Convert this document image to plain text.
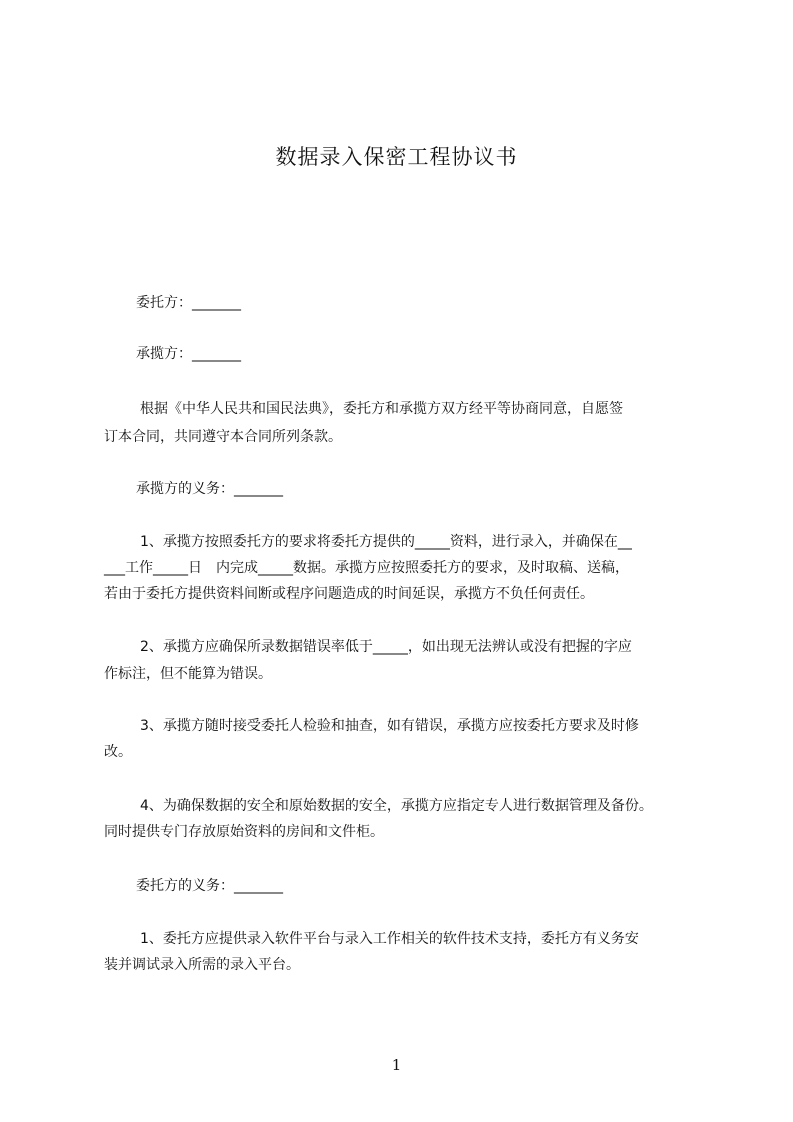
数据录入保密工程协议书
委托方：_______
承揽方：_______
根据《中华人民共和国民法典》，委托方和承揽方双方经平等协商同意，自愿签
订本合同，共同遵守本合同所列条款。
承揽方的义务：_______
1、承揽方按照委托方的要求将委托方提供的_____资料，进行录入，并确保在__
___工作_____日　内完成_____数据。承揽方应按照委托方的要求，及时取稿、送稿，
若由于委托方提供资料间断或程序问题造成的时间延误，承揽方不负任何责任。
2、承揽方应确保所录数据错误率低于_____，如出现无法辨认或没有把握的字应
作标注，但不能算为错误。
3、承揽方随时接受委托人检验和抽查，如有错误，承揽方应按委托方要求及时修
改。
4、为确保数据的安全和原始数据的安全，承揽方应指定专人进行数据管理及备份。
同时提供专门存放原始资料的房间和文件柜。
委托方的义务：_______
1、委托方应提供录入软件平台与录入工作相关的软件技术支持，委托方有义务安
装并调试录入所需的录入平台。
1
